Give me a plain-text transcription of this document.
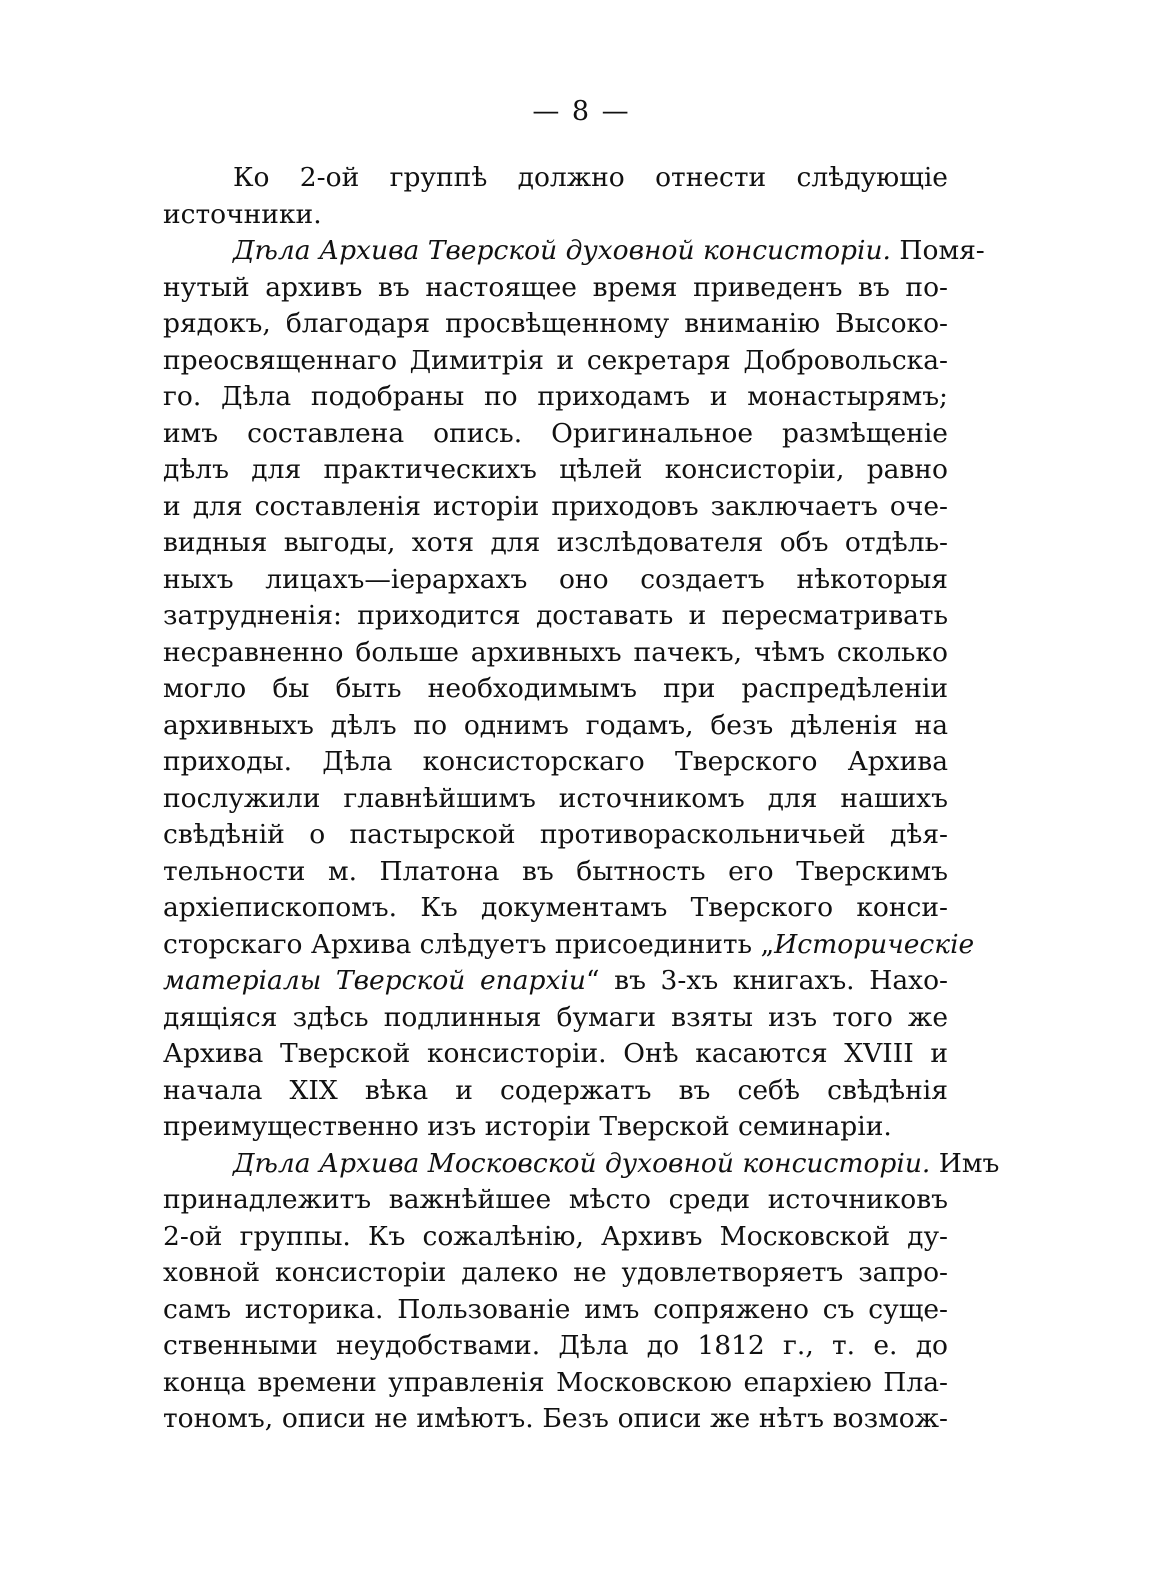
— 8 —
Ко 2-ой группѣ должно отнести слѣдующіе
источники.
Дѣла Архива Тверской духовной консисторіи. Помя-
нутый архивъ въ настоящее время приведенъ въ по-
рядокъ, благодаря просвѣщенному вниманію Высоко-
преосвященнаго Димитрія и секретаря Добровольска-
го. Дѣла подобраны по приходамъ и монастырямъ;
имъ составлена опись. Оригинальное размѣщеніе
дѣлъ для практическихъ цѣлей консисторіи, равно
и для составленія исторіи приходовъ заключаетъ оче-
видныя выгоды, хотя для изслѣдователя объ отдѣль-
ныхъ лицахъ—іерархахъ оно создаетъ нѣкоторыя
затрудненія: приходится доставать и пересматривать
несравненно больше архивныхъ пачекъ, чѣмъ сколько
могло бы быть необходимымъ при распредѣленіи
архивныхъ дѣлъ по однимъ годамъ, безъ дѣленія на
приходы. Дѣла консисторскаго Тверского Архива
послужили главнѣйшимъ источникомъ для нашихъ
свѣдѣній о пастырской противораскольничьей дѣя-
тельности м. Платона въ бытность его Тверскимъ
архіепископомъ. Къ документамъ Тверского конси-
сторскаго Архива слѣдуетъ присоединить „Историческіе
матеріалы Тверской епархіи“ въ 3-хъ книгахъ. Нахо-
дящіяся здѣсь подлинныя бумаги взяты изъ того же
Архива Тверской консисторіи. Онѣ касаются XVIII и
начала XIX вѣка и содержатъ въ себѣ свѣдѣнія
преимущественно изъ исторіи Тверской семинаріи.
Дѣла Архива Московской духовной консисторіи. Имъ
принадлежитъ важнѣйшее мѣсто среди источниковъ
2-ой группы. Къ сожалѣнію, Архивъ Московской ду-
ховной консисторіи далеко не удовлетворяетъ запро-
самъ историка. Пользованіе имъ сопряжено съ суще-
ственными неудобствами. Дѣла до 1812 г., т. е. до
конца времени управленія Московскою епархіею Пла-
тономъ, описи не имѣютъ. Безъ описи же нѣтъ возмож-
